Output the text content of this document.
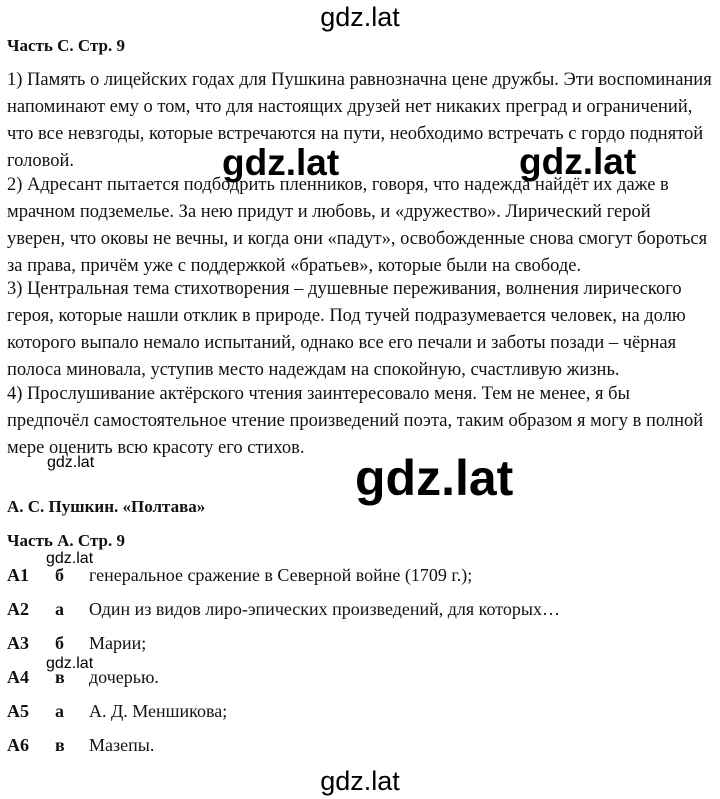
gdz.lat
Часть С. Стр. 9

1) Память о лицейских годах для Пушкина равнозначна цене дружбы. Эти воспоминания напоминают ему о том, что для настоящих друзей нет никаких преград и ограничений, что все невзгоды, которые встречаются на пути, необходимо встречать с гордо поднятой головой.

2) Адресант пытается подбодрить пленников, говоря, что надежда найдёт их даже в мрачном подземелье. За нею придут и любовь, и «дружество». Лирический герой уверен, что оковы не вечны, и когда они «падут», освобожденные снова смогут бороться за права, причём уже с поддержкой «братьев», которые были на свободе.

3) Центральная тема стихотворения – душевные переживания, волнения лирического героя, которые нашли отклик в природе. Под тучей подразумевается человек, на долю которого выпало немало испытаний, однако все его печали и заботы позади – чёрная полоса миновала, уступив место надеждам на спокойную, счастливую жизнь.

4) Прослушивание актёрского чтения заинтересовало меня. Тем не менее, я бы предпочёл самостоятельное чтение произведений поэта, таким образом я могу в полной мере оценить всю красоту его стихов.

gdz.lat	gdz.lat
gdz.lat
gdz.lat
А. С. Пушкин. «Полтава»
Часть А. Стр. 9
gdz.lat
А1 б генеральное сражение в Северной войне (1709 г.);
А2 а Один из видов лиро-эпических произведений, для которых…
А3 б Марии;
gdz.lat
А4 в дочерью.
А5 а А. Д. Меншикова;
А6 в Мазепы.
gdz.lat
